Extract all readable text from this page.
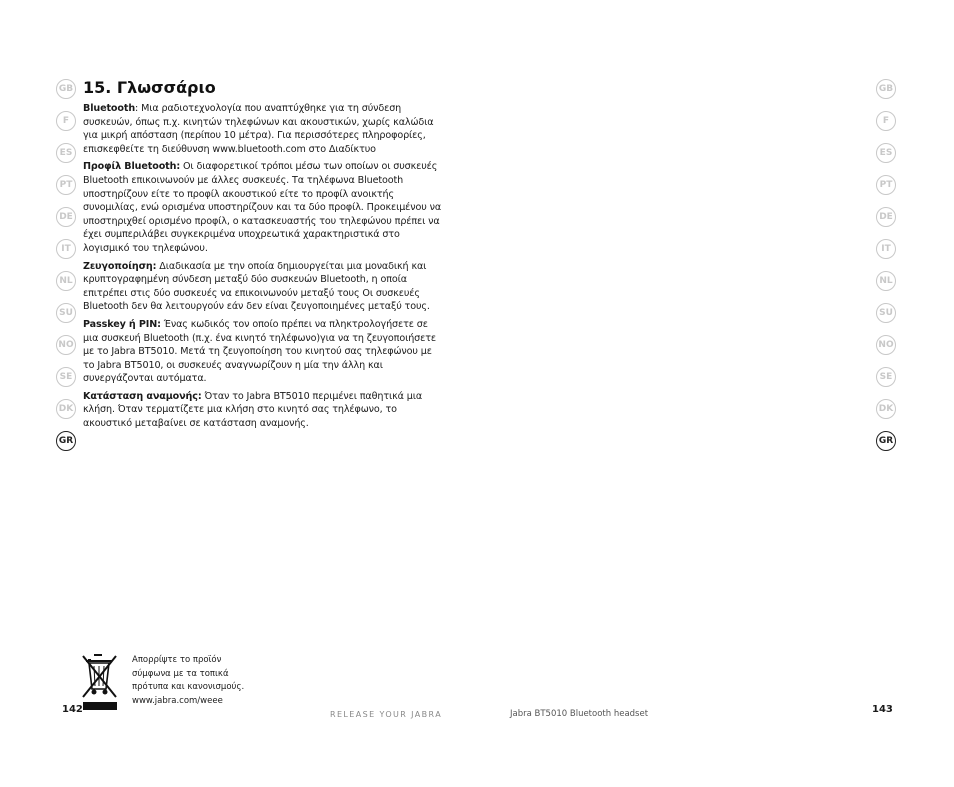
GB
F
ES
PT
DE
IT
NL
SU
NO
SE
DK
GR
GB
F
ES
PT
DE
IT
NL
SU
NO
SE
DK
GR
15. Γλωσσάριο

Bluetooth: Μια ραδιοτεχνολογία που αναπτύχθηκε για τη σύνδεση συσκευών, όπως π.χ. κινητών τηλεφώνων και ακουστικών, χωρίς καλώδια για μικρή απόσταση (περίπου 10 μέτρα). Για περισσότερες πληροφορίες, επισκεφθείτε τη διεύθυνση www.bluetooth.com στο Διαδίκτυο

Προφίλ Bluetooth: Οι διαφορετικοί τρόποι μέσω των οποίων οι συσκευές Bluetooth επικοινωνούν με άλλες συσκευές. Τα τηλέφωνα Bluetooth υποστηρίζουν είτε το προφίλ ακουστικού είτε το προφίλ ανοικτής συνομιλίας, ενώ ορισμένα υποστηρίζουν και τα δύο προφίλ. Προκειμένου να υποστηριχθεί ορισμένο προφίλ, ο κατασκευαστής του τηλεφώνου πρέπει να έχει συμπεριλάβει συγκεκριμένα υποχρεωτικά χαρακτηριστικά στο λογισμικό του τηλεφώνου.

Ζευγοποίηση: Διαδικασία με την οποία δημιουργείται μια μοναδική και κρυπτογραφημένη σύνδεση μεταξύ δύο συσκευών Bluetooth, η οποία επιτρέπει στις δύο συσκευές να επικοινωνούν μεταξύ τους Οι συσκευές Bluetooth δεν θα λειτουργούν εάν δεν είναι ζευγοποιημένες μεταξύ τους.

Passkey ή PIN: Ένας κωδικός τον οποίο πρέπει να πληκτρολογήσετε σε μια συσκευή Bluetooth (π.χ. ένα κινητό τηλέφωνο)για να τη ζευγοποιήσετε με το Jabra BT5010. Μετά τη ζευγοποίηση του κινητού σας τηλεφώνου με το Jabra BT5010, οι συσκευές αναγνωρίζουν η μία την άλλη και συνεργάζονται αυτόματα.

Κατάσταση αναμονής: Όταν το Jabra BT5010 περιμένει παθητικά μια κλήση. Όταν τερματίζετε μια κλήση στο κινητό σας τηλέφωνο, το ακουστικό μεταβαίνει σε κατάσταση αναμονής.

Απορρίψτε το προϊόν
σύμφωνα με τα τοπικά
πρότυπα και κανονισμούς.
www.jabra.com/weee
142	RELEASE YOUR JABRA	Jabra BT5010 Bluetooth headset	143
